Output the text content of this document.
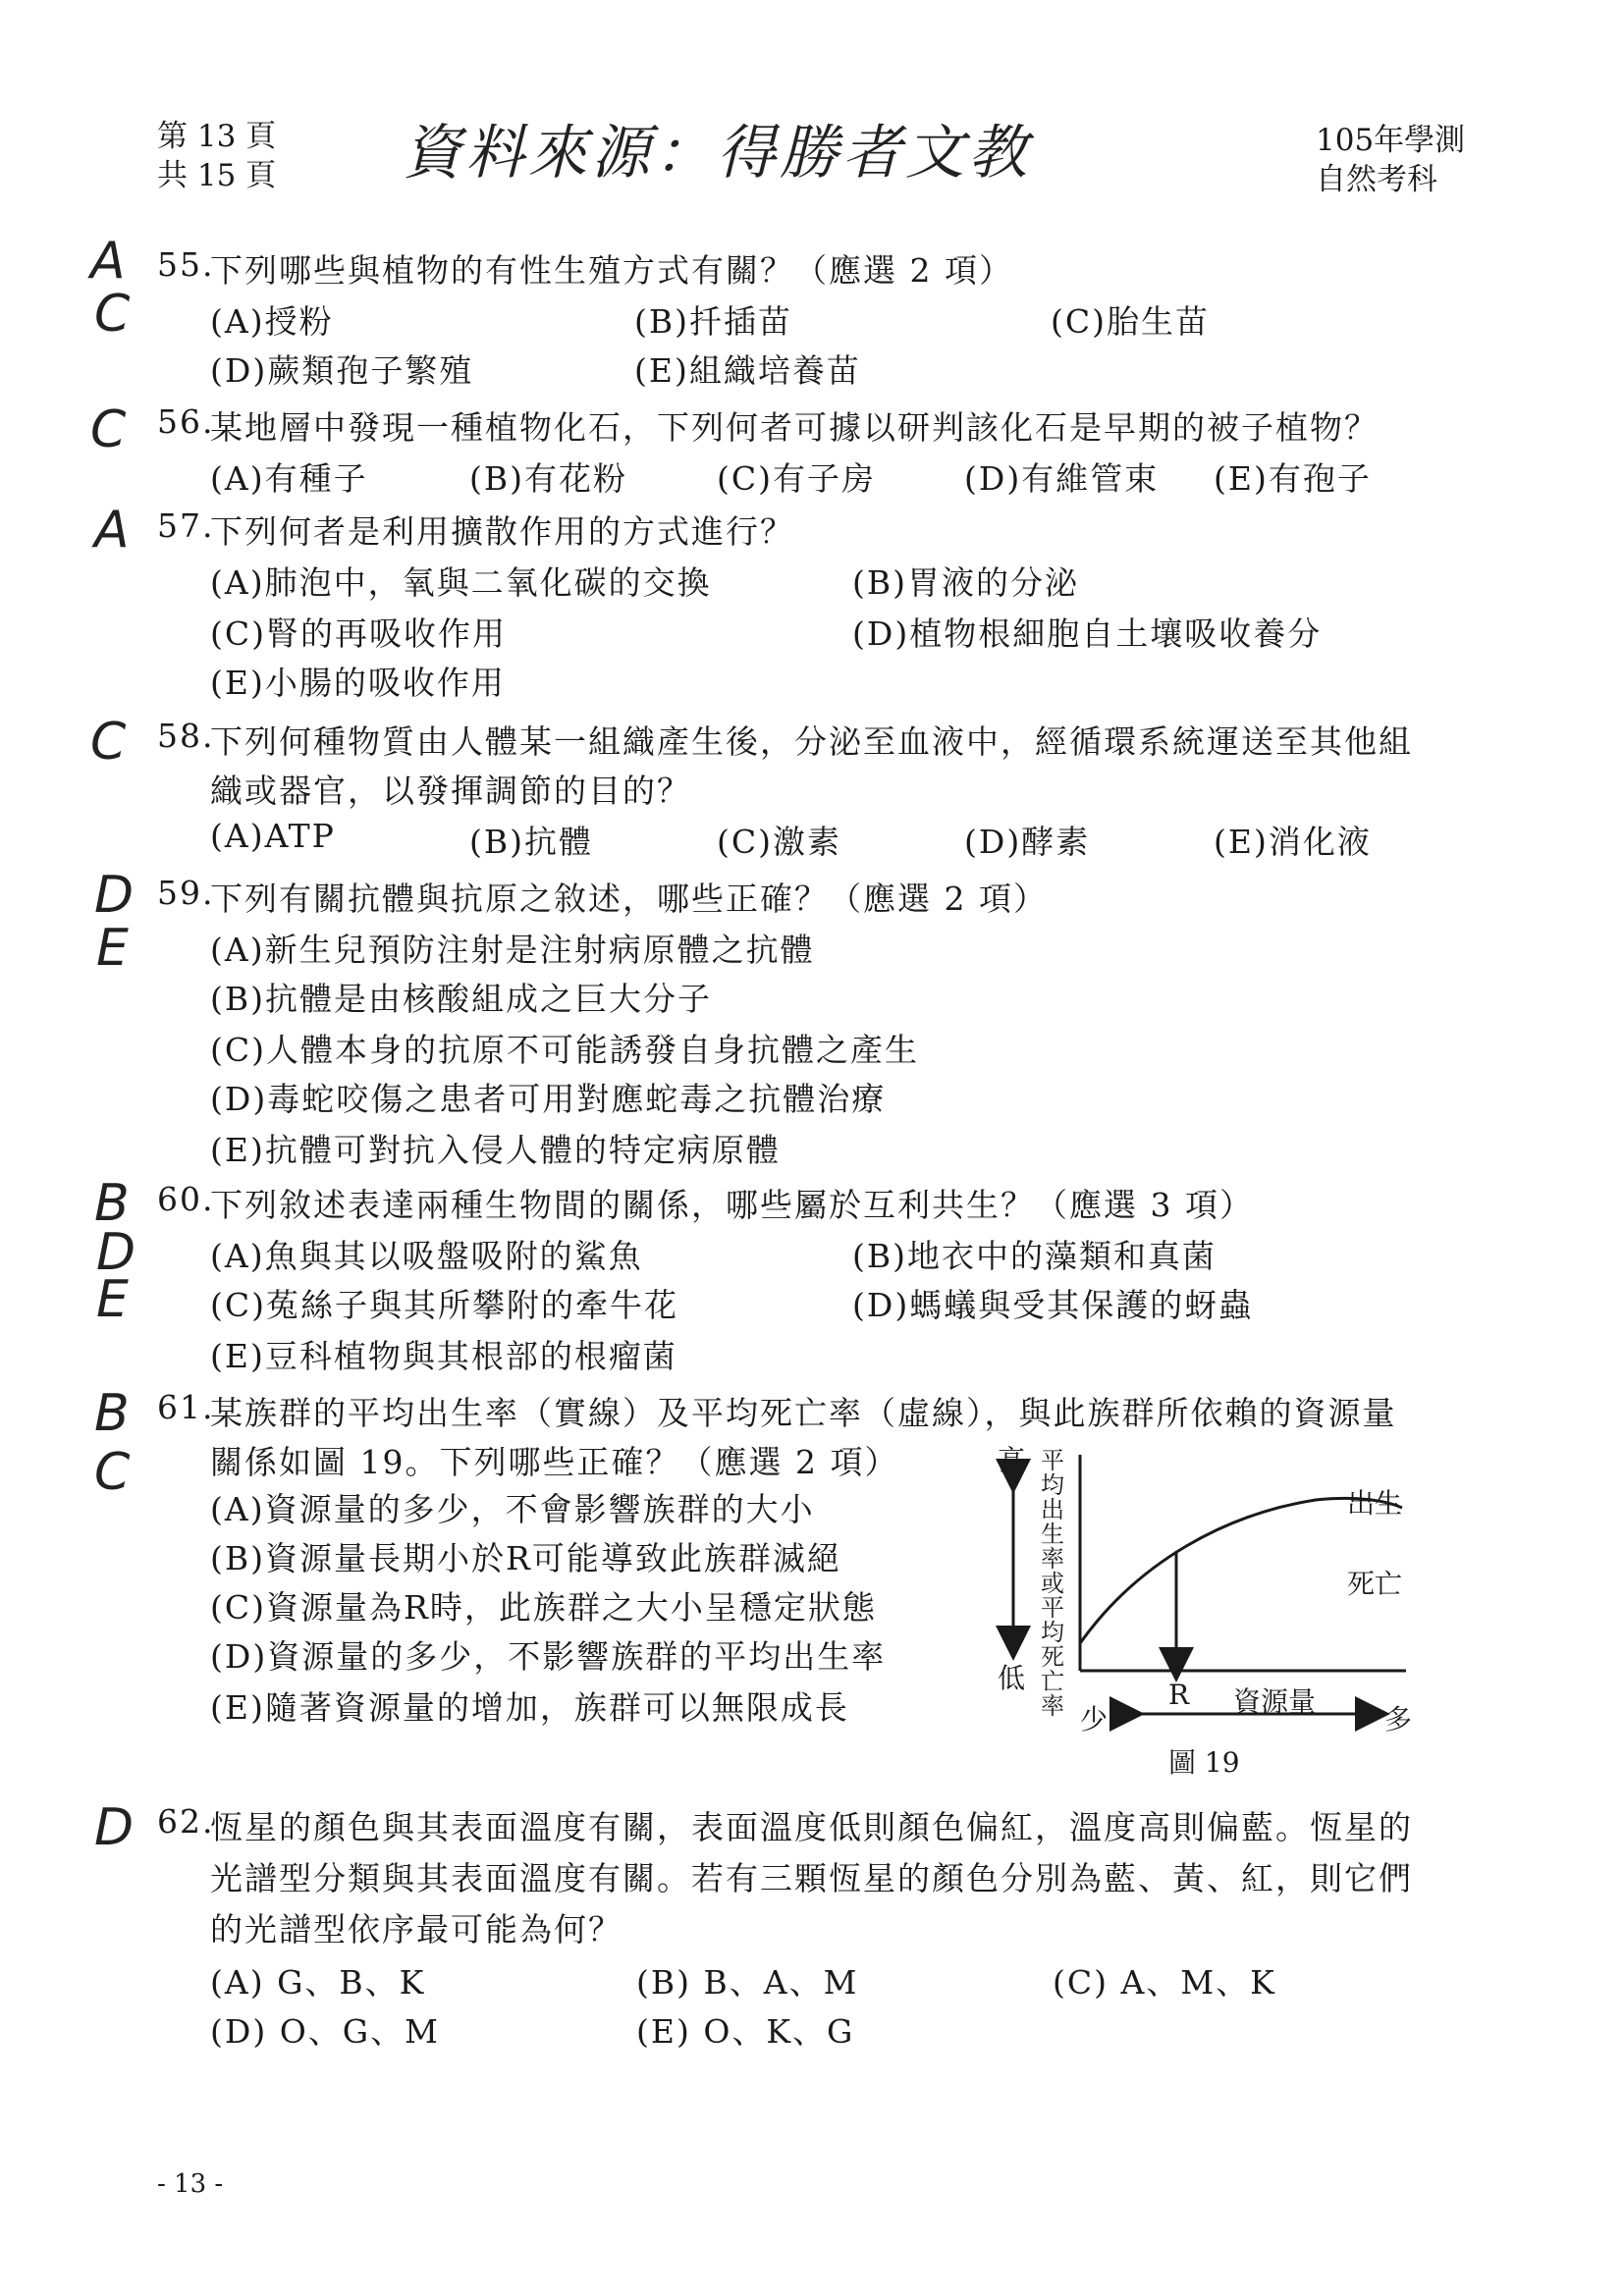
第 13 頁
共 15 頁 資料來源：得勝者文教	105年學測
自然考科
A
C
55.
下列哪些與植物的有性生殖方式有關？（應選 2 項）
(A)授粉	(B)扦插苗	(C)胎生苗
(D)蕨類孢子繁殖	(E)組織培養苗
C 56.
某地層中發現一種植物化石，下列何者可據以研判該化石是早期的被子植物？
(A)有種子	(B)有花粉	(C)有子房	(D)有維管束 (E)有孢子
A 57.
下列何者是利用擴散作用的方式進行？
(A)肺泡中，氧與二氧化碳的交換	(B)胃液的分泌
(C)腎的再吸收作用	(D)植物根細胞自土壤吸收養分
(E)小腸的吸收作用
C 58.
下列何種物質由人體某一組織產生後，分泌至血液中，經循環系統運送至其他組
織或器官，以發揮調節的目的？
(A)ATP	(B)抗體	(C)激素	(D)酵素	(E)消化液
D
E
59.
下列有關抗體與抗原之敘述，哪些正確？（應選 2 項）
(A)新生兒預防注射是注射病原體之抗體
(B)抗體是由核酸組成之巨大分子
(C)人體本身的抗原不可能誘發自身抗體之產生
(D)毒蛇咬傷之患者可用對應蛇毒之抗體治療
(E)抗體可對抗入侵人體的特定病原體
B
D
E
60.
下列敘述表達兩種生物間的關係，哪些屬於互利共生？（應選 3 項）
(A)魚與其以吸盤吸附的鯊魚	(B)地衣中的藻類和真菌
(C)菟絲子與其所攀附的牽牛花	(D)螞蟻與受其保護的蚜蟲
(E)豆科植物與其根部的根瘤菌
B
C
61.
某族群的平均出生率（實線）及平均死亡率（虛線），與此族群所依賴的資源量
關係如圖 19。下列哪些正確？（應選 2 項）
(A)資源量的多少，不會影響族群的大小
(B)資源量長期小於R可能導致此族群滅絕
(C)資源量為R時，此族群之大小呈穩定狀態
(D)資源量的多少，不影響族群的平均出生率
(E)隨著資源量的增加，族群可以無限成長
高
低
平均出生率或平均死亡率
出生
死亡
R 資源量
少	多
圖 19
D 62.
恆星的顏色與其表面溫度有關，表面溫度低則顏色偏紅，溫度高則偏藍。恆星的
光譜型分類與其表面溫度有關。若有三顆恆星的顏色分別為藍、黃、紅，則它們
的光譜型依序最可能為何？
(A) G、B、K	(B) B、A、M	(C) A、M、K
(D) O、G、M	(E) O、K、G
- 13 -
